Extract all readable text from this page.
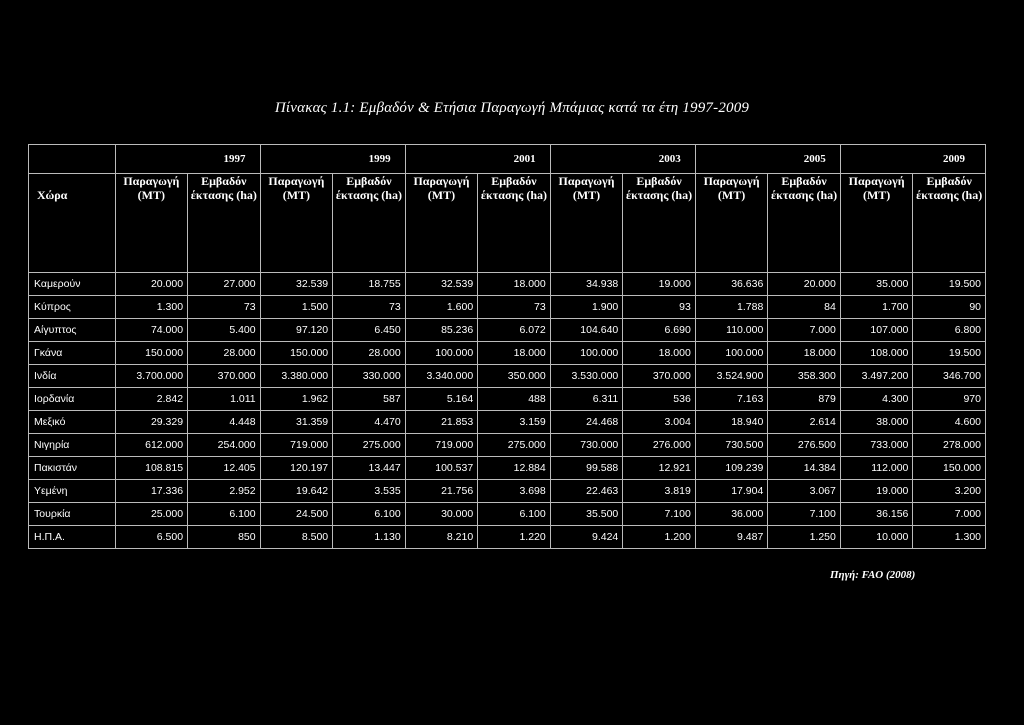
Πίνακας 1.1: Εμβαδόν & Ετήσια Παραγωγή Μπάμιας κατά τα έτη 1997-2009
	1997		1999		2001		2003		2005		2009	
Χώρα	Παραγωγή (ΜΤ)	Εμβαδόν έκτασης (ha)	Παραγωγή (ΜΤ)	Εμβαδόν έκτασης (ha)	Παραγωγή (ΜΤ)	Εμβαδόν έκτασης (ha)	Παραγωγή (ΜΤ)	Εμβαδόν έκτασης (ha)	Παραγωγή (ΜΤ)	Εμβαδόν έκτασης (ha)	Παραγωγή (ΜΤ)	Εμβαδόν έκτασης (ha)
Καμερούν	20.000	27.000	32.539	18.755	32.539	18.000	34.938	19.000	36.636	20.000	35.000	19.500
Κύπρος	1.300	73	1.500	73	1.600	73	1.900	93	1.788	84	1.700	90
Αίγυπτος	74.000	5.400	97.120	6.450	85.236	6.072	104.640	6.690	110.000	7.000	107.000	6.800
Γκάνα	150.000	28.000	150.000	28.000	100.000	18.000	100.000	18.000	100.000	18.000	108.000	19.500
Ινδία	3.700.000	370.000	3.380.000	330.000	3.340.000	350.000	3.530.000	370.000	3.524.900	358.300	3.497.200	346.700
Ιορδανία	2.842	1.011	1.962	587	5.164	488	6.311	536	7.163	879	4.300	970
Μεξικό	29.329	4.448	31.359	4.470	21.853	3.159	24.468	3.004	18.940	2.614	38.000	4.600
Νιγηρία	612.000	254.000	719.000	275.000	719.000	275.000	730.000	276.000	730.500	276.500	733.000	278.000
Πακιστάν	108.815	12.405	120.197	13.447	100.537	12.884	99.588	12.921	109.239	14.384	112.000	150.000
Υεμένη	17.336	2.952	19.642	3.535	21.756	3.698	22.463	3.819	17.904	3.067	19.000	3.200
Τουρκία	25.000	6.100	24.500	6.100	30.000	6.100	35.500	7.100	36.000	7.100	36.156	7.000
Η.Π.Α.	6.500	850	8.500	1.130	8.210	1.220	9.424	1.200	9.487	1.250	10.000	1.300
Πηγή: FAO (2008)
